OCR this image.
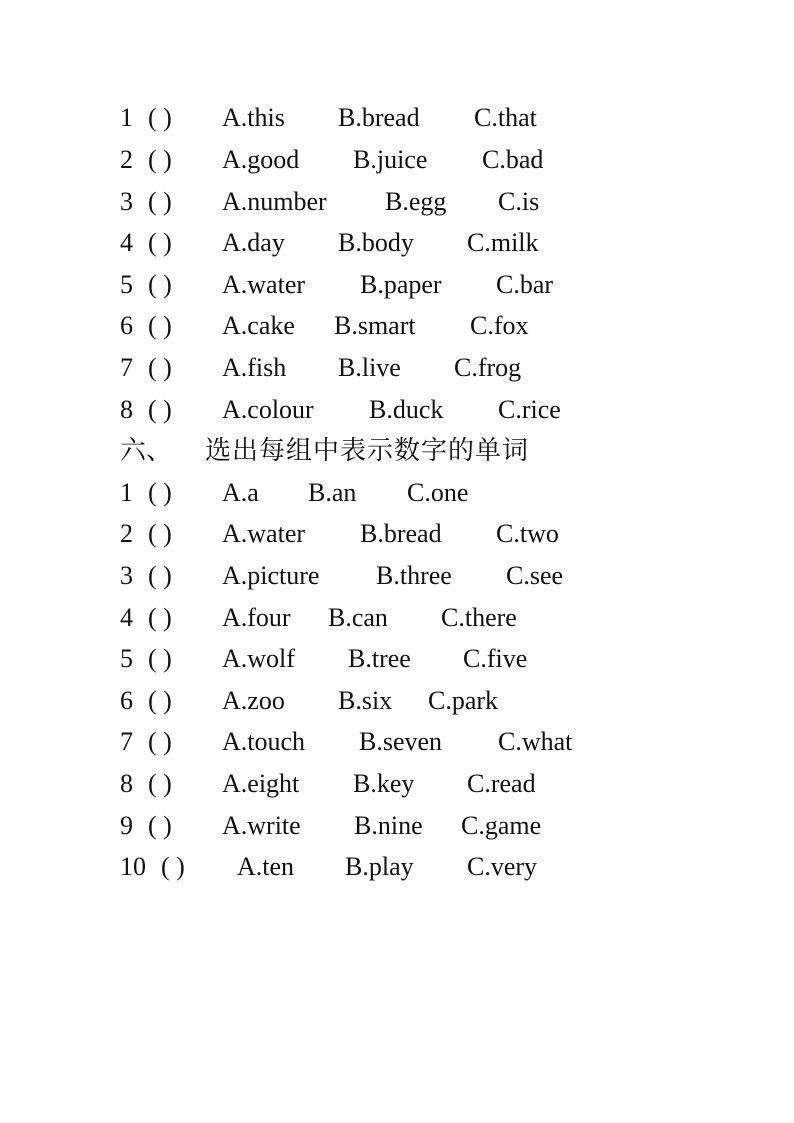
1 ( ) A.this B.bread C.that
2 ( ) A.good B.juice C.bad
3 ( ) A.number B.egg C.is
4 ( ) A.day B.body C.milk
5 ( ) A.water B.paper C.bar
6 ( ) A.cake B.smart C.fox
7 ( ) A.fish B.live C.frog
8 ( ) A.colour B.duck C.rice
六、 选出每组中表示数字的单词
1 ( ) A.a B.an C.one
2 ( ) A.water B.bread C.two
3 ( ) A.picture B.three C.see
4 ( ) A.four B.can C.there
5 ( ) A.wolf B.tree C.five
6 ( ) A.zoo B.six C.park
7 ( ) A.touch B.seven C.what
8 ( ) A.eight B.key C.read
9 ( ) A.write B.nine C.game
10 ( ) A.ten B.play C.very
